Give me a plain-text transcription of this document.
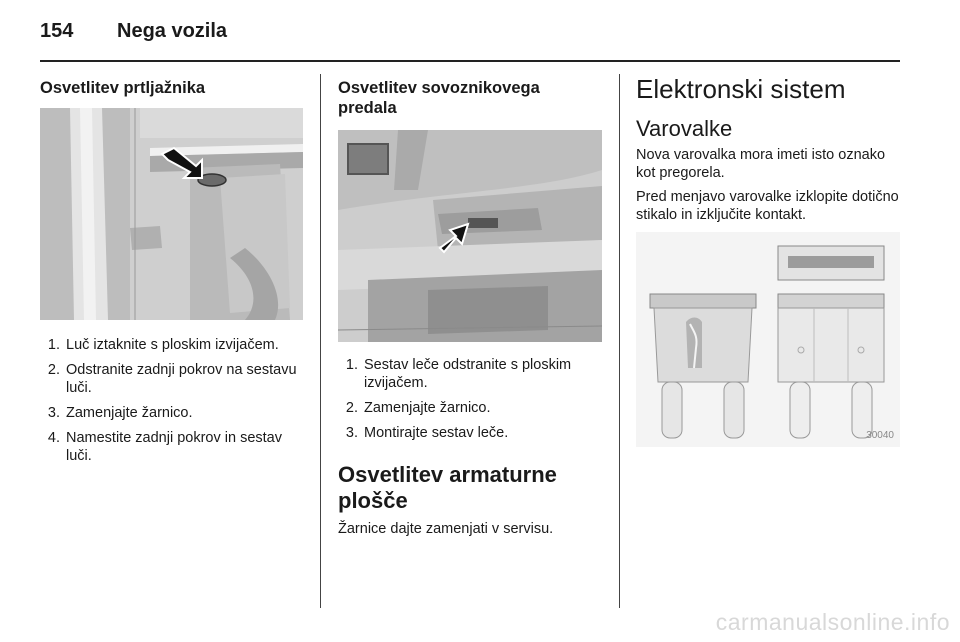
154 Nega vozila
Osvetlitev prtljažnika
1. Luč iztaknite s ploskim izvijačem.
2. Odstranite zadnji pokrov na sestavu luči.
3. Zamenjajte žarnico.
4. Namestite zadnji pokrov in sestav luči.
Osvetlitev sovoznikovega
predala
1. Sestav leče odstranite s ploskim izvijačem.
2. Zamenjajte žarnico.
3. Montirajte sestav leče.
Osvetlitev armaturne
plošče

Žarnice dajte zamenjati v servisu.

Elektronski sistem
Varovalke

Nova varovalka mora imeti isto oznako kot pregorela.

Pred menjavo varovalke izklopite dotično stikalo in izključite kontakt.

30040
carmanualsonline.info
